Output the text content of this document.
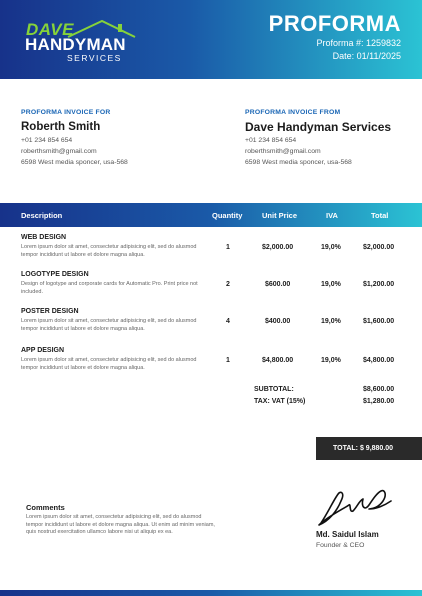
DAVE
HANDYMAN
SERVICES
PROFORMA
Proforma #: 1259832
Date: 01/11/2025
PROFORMA INVOICE FOR
Roberth Smith
+01 234 854 654
roberthsmith@gmail.com
6598 West media sponcer, usa-568
PROFORMA INVOICE FROM
Dave Handyman Services
+01 234 854 654
roberthsmith@gmail.com
6598 West media sponcer, usa-568
Description	Quantity	Unit Price	IVA	Total
WEB DESIGN
Lorem ipsum dolor sit amet, consectetur adipisicing elit, sed do alusmod tempor incididunt ut labore et dolore magna aliqua.
1	$2,000.00	19,0%	$2,000.00
LOGOTYPE DESIGN
Design of logotype and corporate cards for Automatic Pro. Print price not included.
2	$600.00	19,0%	$1,200.00
POSTER DESIGN
Lorem ipsum dolor sit amet, consectetur adipisicing elit, sed do alusmod tempor incididunt ut labore et dolore magna aliqua.
4	$400.00	19,0%	$1,600.00
APP DESIGN
Lorem ipsum dolor sit amet, consectetur adipisicing elit, sed do alusmod tempor incididunt ut labore et dolore magna aliqua.
1	$4,800.00	19,0%	$4,800.00
SUBTOTAL:	$8,600.00
TAX: VAT (15%)	$1,280.00
TOTAL: $ 9,880.00
Comments
Lorem ipsum dolor sit amet, consectetur adipisicing elit, sed do alusmod tempor incididunt ut labore et dolore magna aliqua. Ut enim ad minim veniam, quis nostrud exercitation ullamco labore nisi ut aliquip ex ea.	Md. Saidul Islam
Founder & CEO
